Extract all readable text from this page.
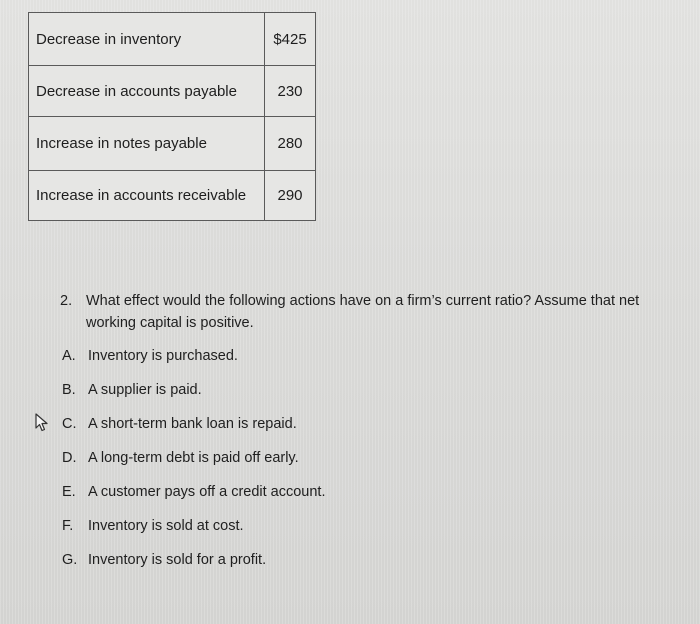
Decrease in inventory	$425
Decrease in accounts payable	230
Increase in notes payable	280
Increase in accounts receivable	290
2. What effect would the following actions have on a firm’s current ratio? Assume that net working capital is positive.
A. Inventory is purchased.
B. A supplier is paid.
C. A short-term bank loan is repaid.
D. A long-term debt is paid off early.
E. A customer pays off a credit account.
F.	Inventory is sold at cost.
G. Inventory is sold for a profit.
